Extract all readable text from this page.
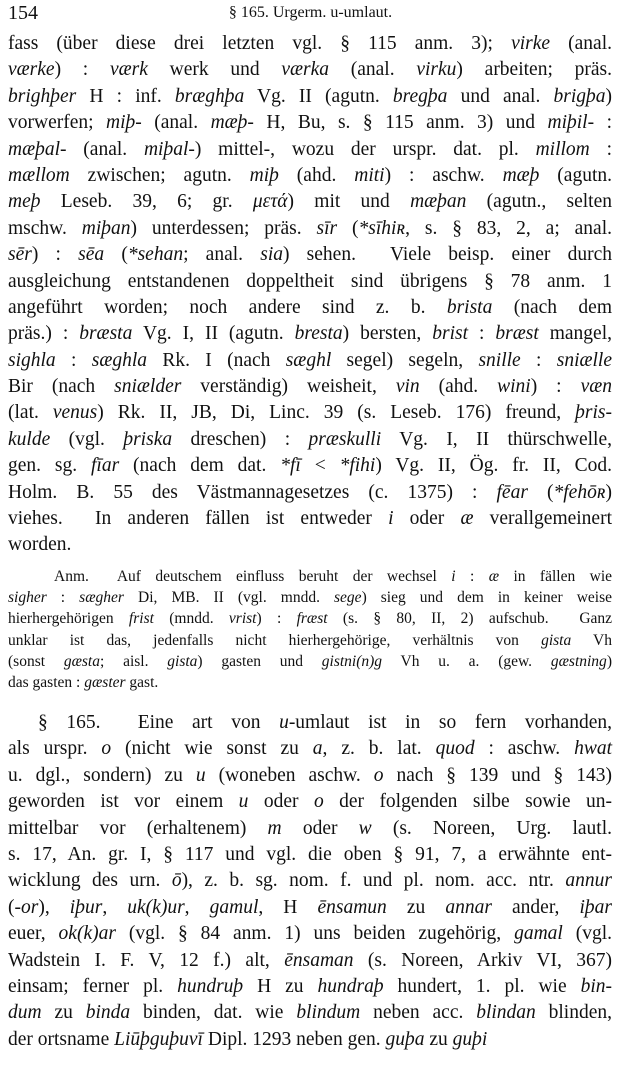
154	§ 165. Urgerm. u-umlaut.
fass (über diese drei letzten vgl. § 115 anm. 3); virke (anal.
værke) : værk werk und værka (anal. virku) arbeiten; präs.
brighþer H : inf. bræghþa Vg. II (agutn. bregþa und anal. brigþa)
vorwerfen; miþ- (anal. mæþ- H, Bu, s. § 115 anm. 3) und miþil- :
mæþal- (anal. miþal-) mittel-, wozu der urspr. dat. pl. millom :
mællom zwischen; agutn. miþ (ahd. miti) : aschw. mæþ (agutn.
meþ Leseb. 39, 6; gr. μετά) mit und mæþan (agutn., selten
mschw. miþan) unterdessen; präs. sīr (*sīhiʀ, s. § 83, 2, a; anal.
sēr) : sēa (*sehan; anal. sia) sehen.  Viele beisp. einer durch
ausgleichung entstandenen doppeltheit sind übrigens § 78 anm. 1
angeführt worden; noch andere sind z. b. brista (nach dem
präs.) : bræsta Vg. I, II (agutn. bresta) bersten, brist : bræst mangel,
sighla : sæghla Rk. I (nach sæghl segel) segeln, snille : sniælle
Bir (nach sniælder verständig) weisheit, vin (ahd. wini) : væn
(lat. venus) Rk. II, JB, Di, Linc. 39 (s. Leseb. 176) freund, þris-
kulde (vgl. þriska dreschen) : præskulli Vg. I, II thürschwelle,
gen. sg. fīar (nach dem dat. *fī < *fihi) Vg. II, Ög. fr. II, Cod.
Holm. B. 55 des Västmannagesetzes (c. 1375) : fēar (*fehōʀ)
viehes.  In anderen fällen ist entweder i oder æ verallgemeinert
worden.
Anm.  Auf deutschem einfluss beruht der wechsel i : æ in fällen wie
sigher : sægher Di, MB. II (vgl. mndd. sege) sieg und dem in keiner weise
hierhergehörigen frist (mndd. vrist) : fræst (s. § 80, II, 2) aufschub.  Ganz
unklar ist das, jedenfalls nicht hierhergehörige, verhältnis von gista Vh
(sonst gæsta; aisl. gista) gasten und gistni(n)g Vh u. a. (gew. gæstning)
das gasten : gæster gast.
§ 165.  Eine art von u-umlaut ist in so fern vorhanden,
als urspr. o (nicht wie sonst zu a, z. b. lat. quod : aschw. hwat
u. dgl., sondern) zu u (woneben aschw. o nach § 139 und § 143)
geworden ist vor einem u oder o der folgenden silbe sowie un-
mittelbar vor (erhaltenem) m oder w (s. Noreen, Urg. lautl.
s. 17, An. gr. I, § 117 und vgl. die oben § 91, 7, a erwähnte ent-
wicklung des urn. ō), z. b. sg. nom. f. und pl. nom. acc. ntr. annur
(-or), iþur, uk(k)ur, gamul, H ēnsamun zu annar ander, iþar
euer, ok(k)ar (vgl. § 84 anm. 1) uns beiden zugehörig, gamal (vgl.
Wadstein I. F. V, 12 f.) alt, ēnsaman (s. Noreen, Arkiv VI, 367)
einsam; ferner pl. hundruþ H zu hundraþ hundert, 1. pl. wie bin-
dum zu binda binden, dat. wie blindum neben acc. blindan blinden,
der ortsname Liūþguþuvī Dipl. 1293 neben gen. guþa zu guþi
